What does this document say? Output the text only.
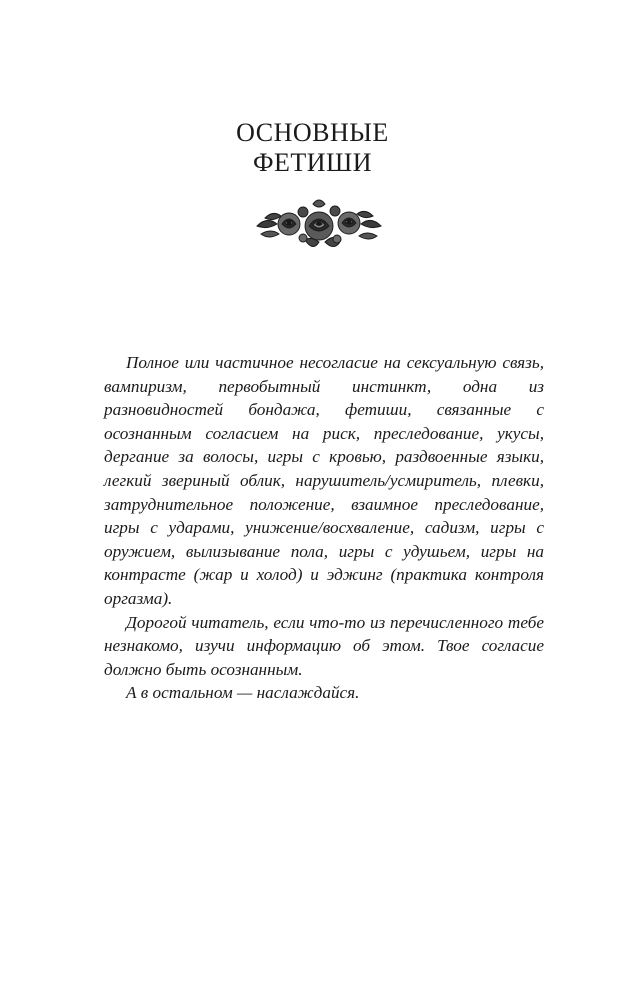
ОСНОВНЫЕ
ФЕТИШИ

Полное или частичное несогласие на сексуальную связь, вампиризм, первобытный инстинкт, одна из разновидностей бондажа, фетиши, связанные с осознанным согласием на риск, преследование, укусы, дергание за волосы, игры с кровью, раздвоенные языки, легкий звериный облик, нарушитель/усмиритель, плевки, затруднительное положение, взаимное преследование, игры с ударами, унижение/восхваление, садизм, игры с оружием, вылизывание пола, игры с удушьем, игры на контрасте (жар и холод) и эджинг (практика контроля оргазма).

Дорогой читатель, если что-то из перечисленного тебе незнакомо, изучи информацию об этом. Твое согласие должно быть осознанным.

А в остальном — наслаждайся.
